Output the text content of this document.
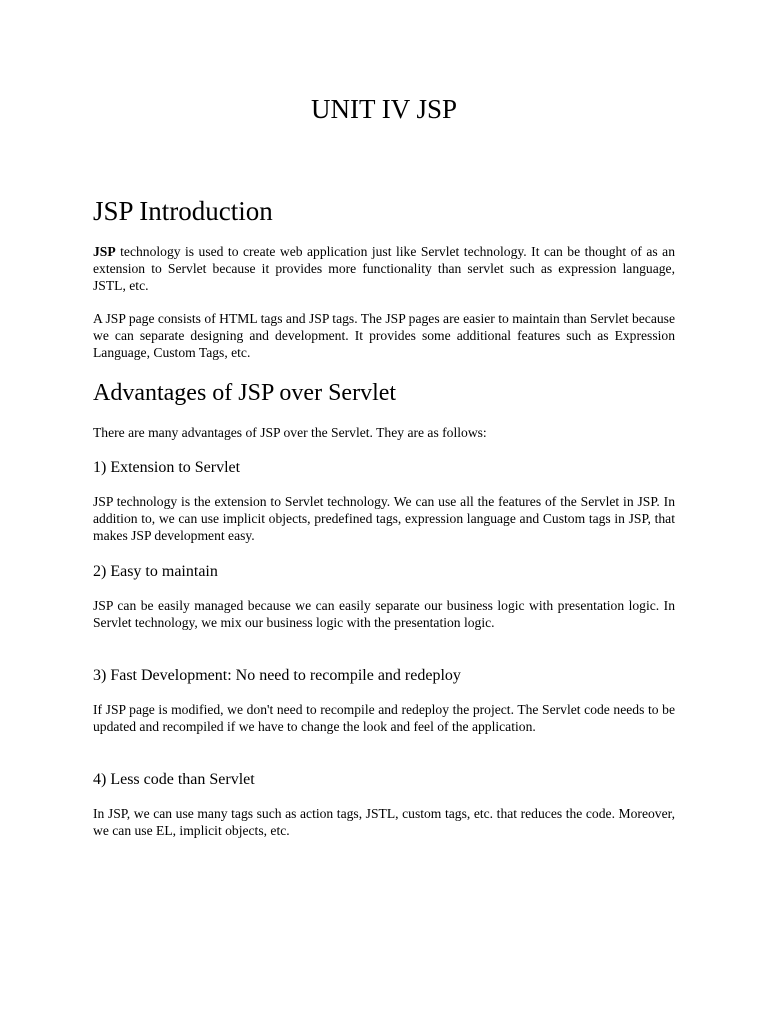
UNIT IV JSP
JSP Introduction

JSP technology is used to create web application just like Servlet technology. It can be thought of as an extension to Servlet because it provides more functionality than servlet such as expression language, JSTL, etc.

A JSP page consists of HTML tags and JSP tags. The JSP pages are easier to maintain than Servlet because we can separate designing and development. It provides some additional features such as Expression Language, Custom Tags, etc.

Advantages of JSP over Servlet

There are many advantages of JSP over the Servlet. They are as follows:

1) Extension to Servlet

JSP technology is the extension to Servlet technology. We can use all the features of the Servlet in JSP. In addition to, we can use implicit objects, predefined tags, expression language and Custom tags in JSP, that makes JSP development easy.

2) Easy to maintain

JSP can be easily managed because we can easily separate our business logic with presentation logic. In Servlet technology, we mix our business logic with the presentation logic.

3) Fast Development: No need to recompile and redeploy

If JSP page is modified, we don't need to recompile and redeploy the project. The Servlet code needs to be updated and recompiled if we have to change the look and feel of the application.

4) Less code than Servlet

In JSP, we can use many tags such as action tags, JSTL, custom tags, etc. that reduces the code. Moreover, we can use EL, implicit objects, etc.
